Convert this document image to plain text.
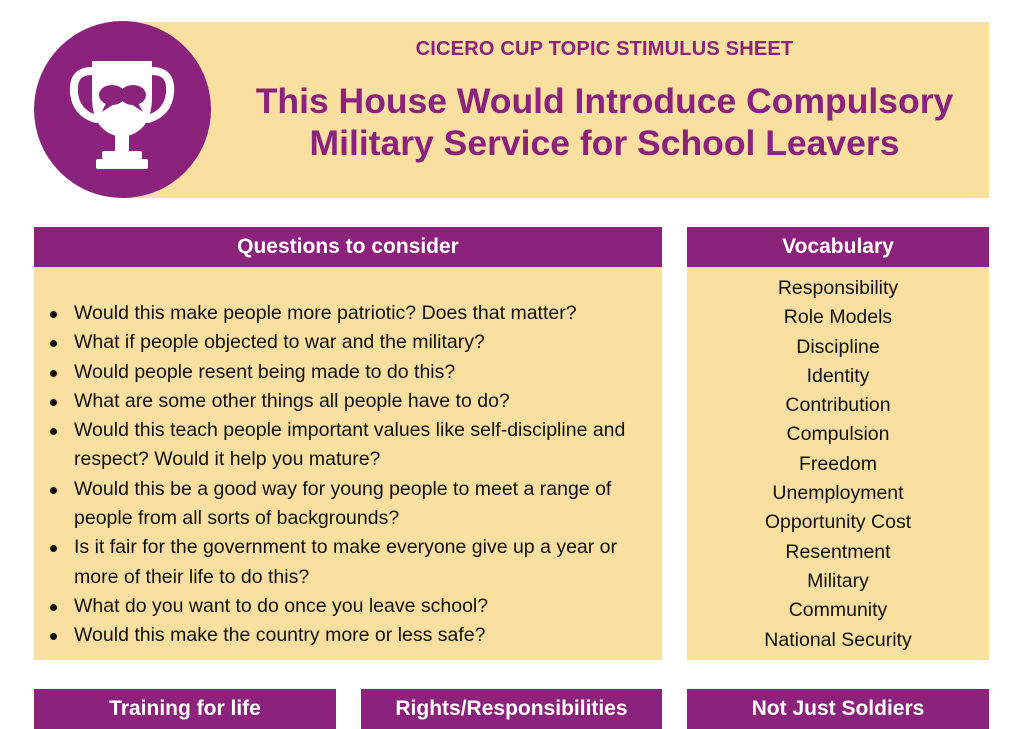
CICERO CUP TOPIC STIMULUS SHEET
This House Would Introduce Compulsory Military Service for School Leavers
Questions to consider
Would this make people more patriotic? Does that matter?
What if people objected to war and the military?
Would people resent being made to do this?
What are some other things all people have to do?
Would this teach people important values like self-discipline and respect? Would it help you mature?
Would this be a good way for young people to meet a range of people from all sorts of backgrounds?
Is it fair for the government to make everyone give up a year or more of their life to do this?
What do you want to do once you leave school?
Would this make the country more or less safe?
Vocabulary
Responsibility
Role Models
Discipline
Identity
Contribution
Compulsion
Freedom
Unemployment
Opportunity Cost
Resentment
Military
Community
National Security
Training for life	Rights/Responsibilities	Not Just Soldiers
